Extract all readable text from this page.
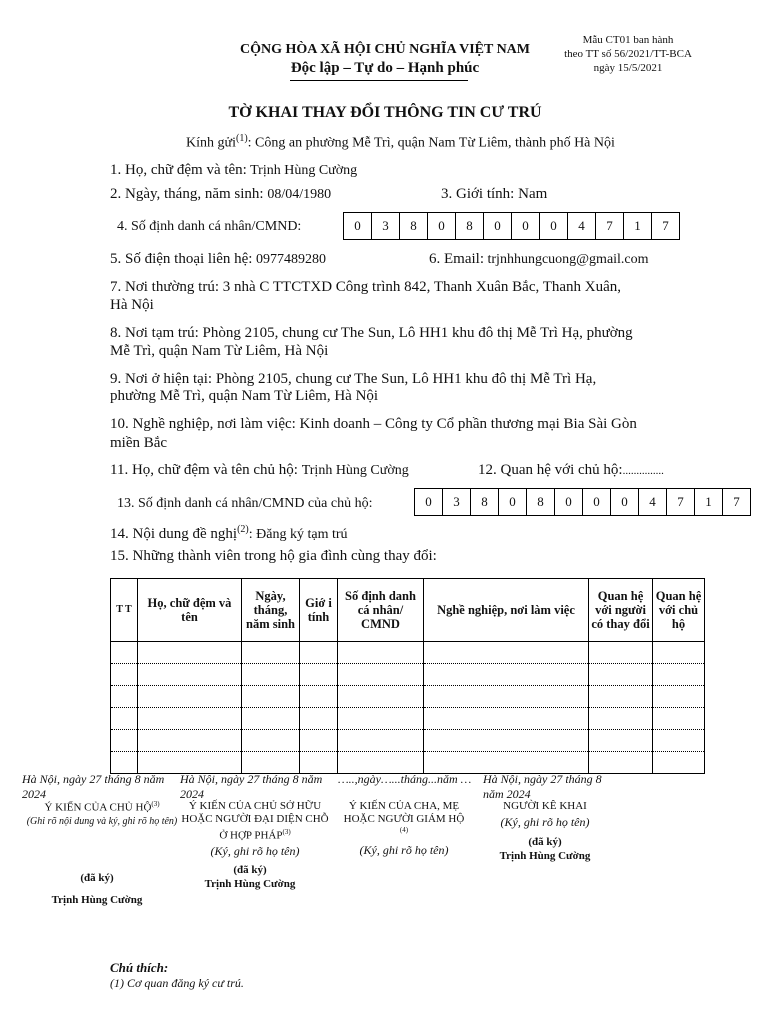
CỘNG HÒA XÃ HỘI CHỦ NGHĨA VIỆT NAM
Độc lập – Tự do – Hạnh phúc
Mẫu CT01 ban hành
theo TT số 56/2021/TT-BCA
ngày 15/5/2021
TỜ KHAI THAY ĐỔI THÔNG TIN CƯ TRÚ
Kính gửi$^{(1)}$: Công an phường Mễ Trì, quận Nam Từ Liêm, thành phố Hà Nội
1. Họ, chữ đệm và tên: Trịnh Hùng Cường
2. Ngày, tháng, năm sinh: 08/04/1980	3. Giới tính: Nam
4. Số định danh cá nhân/CMND:	0	3	8	0	8	0	0	0	4	7	1	7
5. Số điện thoại liên hệ: 0977489280	6. Email: trjnhhungcuong@gmail.com
7. Nơi thường trú: 3 nhà C TTCTXD Công trình 842, Thanh Xuân Bắc, Thanh Xuân,
Hà Nội
8. Nơi tạm trú: Phòng 2105, chung cư The Sun, Lô HH1 khu đô thị Mễ Trì Hạ, phường
Mễ Trì, quận Nam Từ Liêm, Hà Nội
9. Nơi ở hiện tại: Phòng 2105, chung cư The Sun, Lô HH1 khu đô thị Mễ Trì Hạ,
phường Mễ Trì, quận Nam Từ Liêm, Hà Nội
10. Nghề nghiệp, nơi làm việc: Kinh doanh – Công ty Cổ phần thương mại Bia Sài Gòn
miền Bắc
11. Họ, chữ đệm và tên chủ hộ: Trịnh Hùng Cường	12. Quan hệ với chủ hộ:...............
13. Số định danh cá nhân/CMND của chủ hộ:	0	3	8	0	8	0	0	0	4	7	1	7
14. Nội dung đề nghị$^{(2)}$: Đăng ký tạm trú
15. Những thành viên trong hộ gia đình cùng thay đổi:
T T	Họ, chữ đệm và tên	Ngày, tháng, năm sinh	Giớ i tính	Số định danh cá nhân/ CMND	Nghề nghiệp, nơi làm việc	Quan hệ với người có thay đổi	Quan hệ với chủ hộ

Hà Nội, ngày 27 tháng 8 năm 2024
Ý KIẾN CỦA CHỦ HỘ$^{(3)}$
(Ghi rõ nội dung và ký, ghi rõ họ tên)
(đã ký)
Trịnh Hùng Cường
Hà Nội, ngày 27 tháng 8 năm 2024
Ý KIẾN CỦA CHỦ SỞ HỮU HOẶC NGƯỜI ĐẠI DIỆN CHỖ Ở HỢP PHÁP$^{(3)}$
(Ký, ghi rõ họ tên)
(đã ký)
Trịnh Hùng Cường
…..,ngày…...tháng...năm …
Ý KIẾN CỦA CHA, MẸ HOẶC NGƯỜI GIÁM HỘ
(4)
(Ký, ghi rõ họ tên)
Hà Nội, ngày 27 tháng 8 năm 2024
NGƯỜI KÊ KHAI
(Ký, ghi rõ họ tên)
(đã ký)
Trịnh Hùng Cường
Chú thích:
(1) Cơ quan đăng ký cư trú.
